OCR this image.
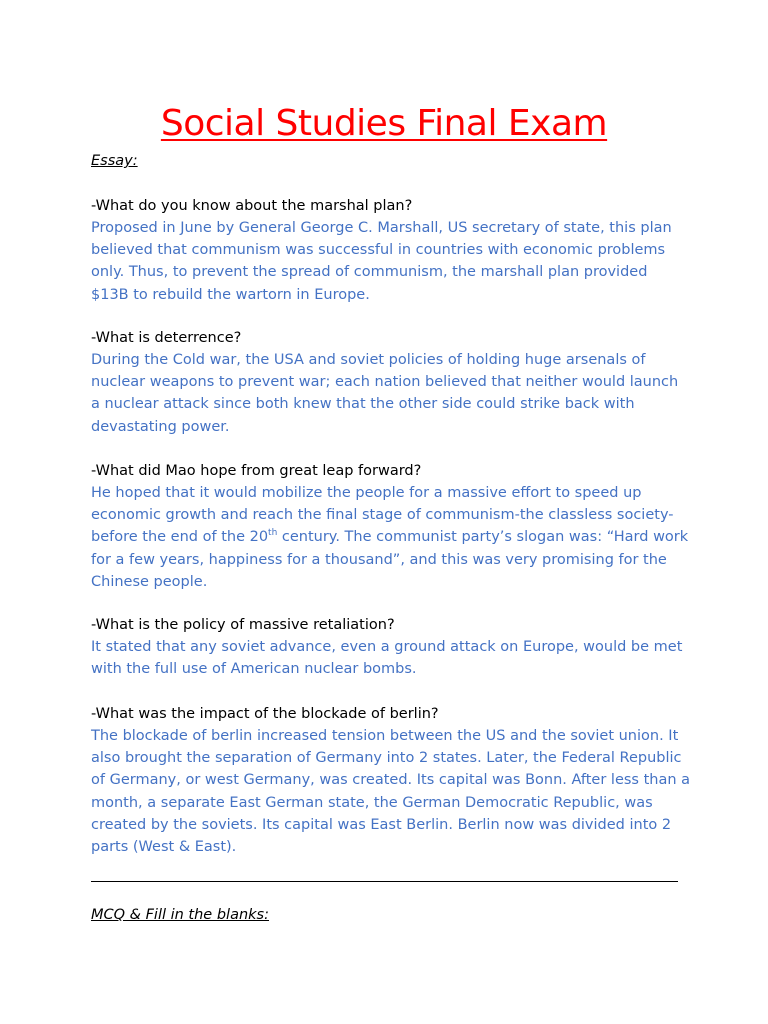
Social Studies Final Exam
Essay:
-What do you know about the marshal plan?
Proposed in June by General George C. Marshall, US secretary of state, this plan
believed that communism was successful in countries with economic problems
only. Thus, to prevent the spread of communism, the marshall plan provided
$13B to rebuild the wartorn in Europe.
-What is deterrence?
During the Cold war, the USA and soviet policies of holding huge arsenals of
nuclear weapons to prevent war; each nation believed that neither would launch
a nuclear attack since both knew that the other side could strike back with
devastating power.
-What did Mao hope from great leap forward?
He hoped that it would mobilize the people for a massive effort to speed up
economic growth and reach the final stage of communism-the classless society-
before the end of the 20th century. The communist party’s slogan was: “Hard work
for a few years, happiness for a thousand”, and this was very promising for the
Chinese people.
-What is the policy of massive retaliation?
It stated that any soviet advance, even a ground attack on Europe, would be met
with the full use of American nuclear bombs.
-What was the impact of the blockade of berlin?
The blockade of berlin increased tension between the US and the soviet union. It
also brought the separation of Germany into 2 states. Later, the Federal Republic
of Germany, or west Germany, was created. Its capital was Bonn. After less than a
month, a separate East German state, the German Democratic Republic, was
created by the soviets. Its capital was East Berlin. Berlin now was divided into 2
parts (West & East).
MCQ & Fill in the blanks:
